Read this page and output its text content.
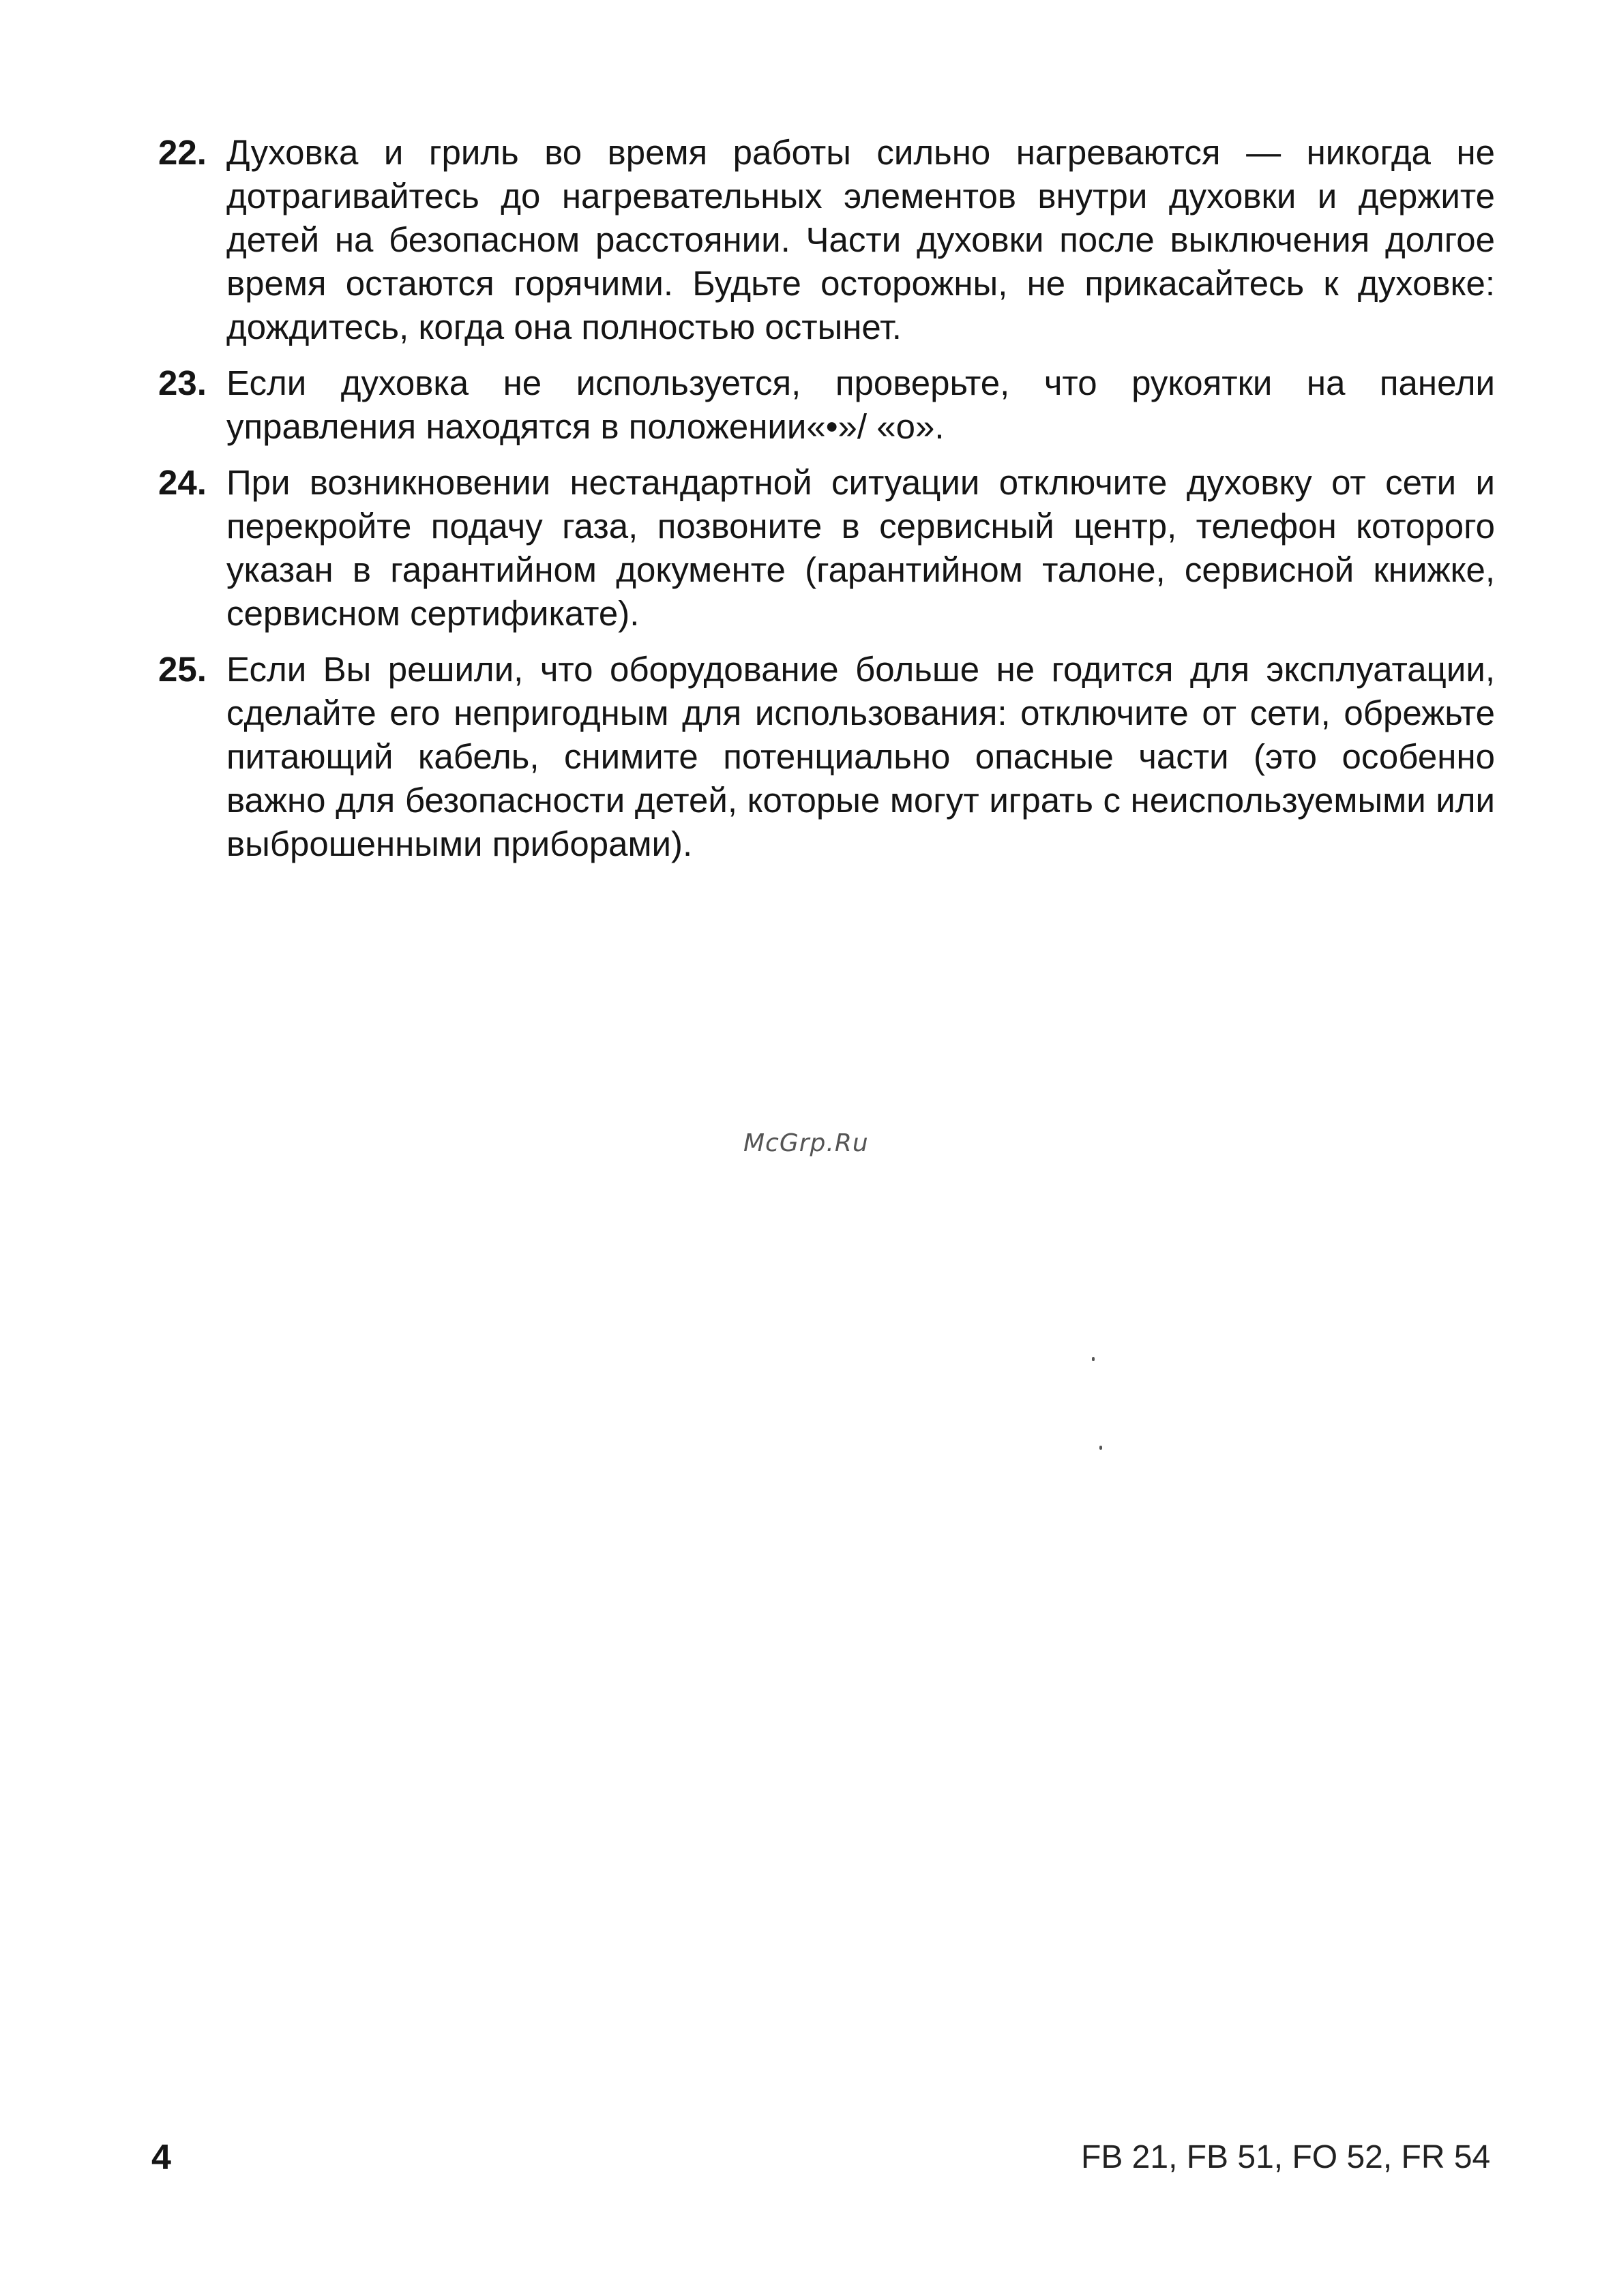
22. Духовка и гриль во время работы сильно нагреваются — никогда не дотрагивайтесь до нагревательных элементов внутри духовки и держите детей на безопасном расстоянии. Части духовки после выключения долгое время остаются горячими. Будьте осторожны, не прикасайтесь к духовке: дождитесь, когда она полностью остынет.
23. Если духовка не используется, проверьте, что рукоятки на панели управления находятся в положении«•»/ «о».
24. При возникновении нестандартной ситуации отключите духовку от сети и перекройте подачу газа, позвоните в сервисный центр, телефон которого указан в гарантийном документе (гарантийном талоне, сервисной книжке, сервисном сертификате).
25. Если Вы решили, что оборудование больше не годится для эксплуатации, сделайте его непригодным для использования: отключите от сети, обрежьте питающий кабель, снимите потенциально опасные части (это особенно важно для безопасности детей, которые могут играть с неиспользуемыми или выброшенными приборами).
McGrp.Ru
4	FB 21, FB 51, FO 52, FR 54
